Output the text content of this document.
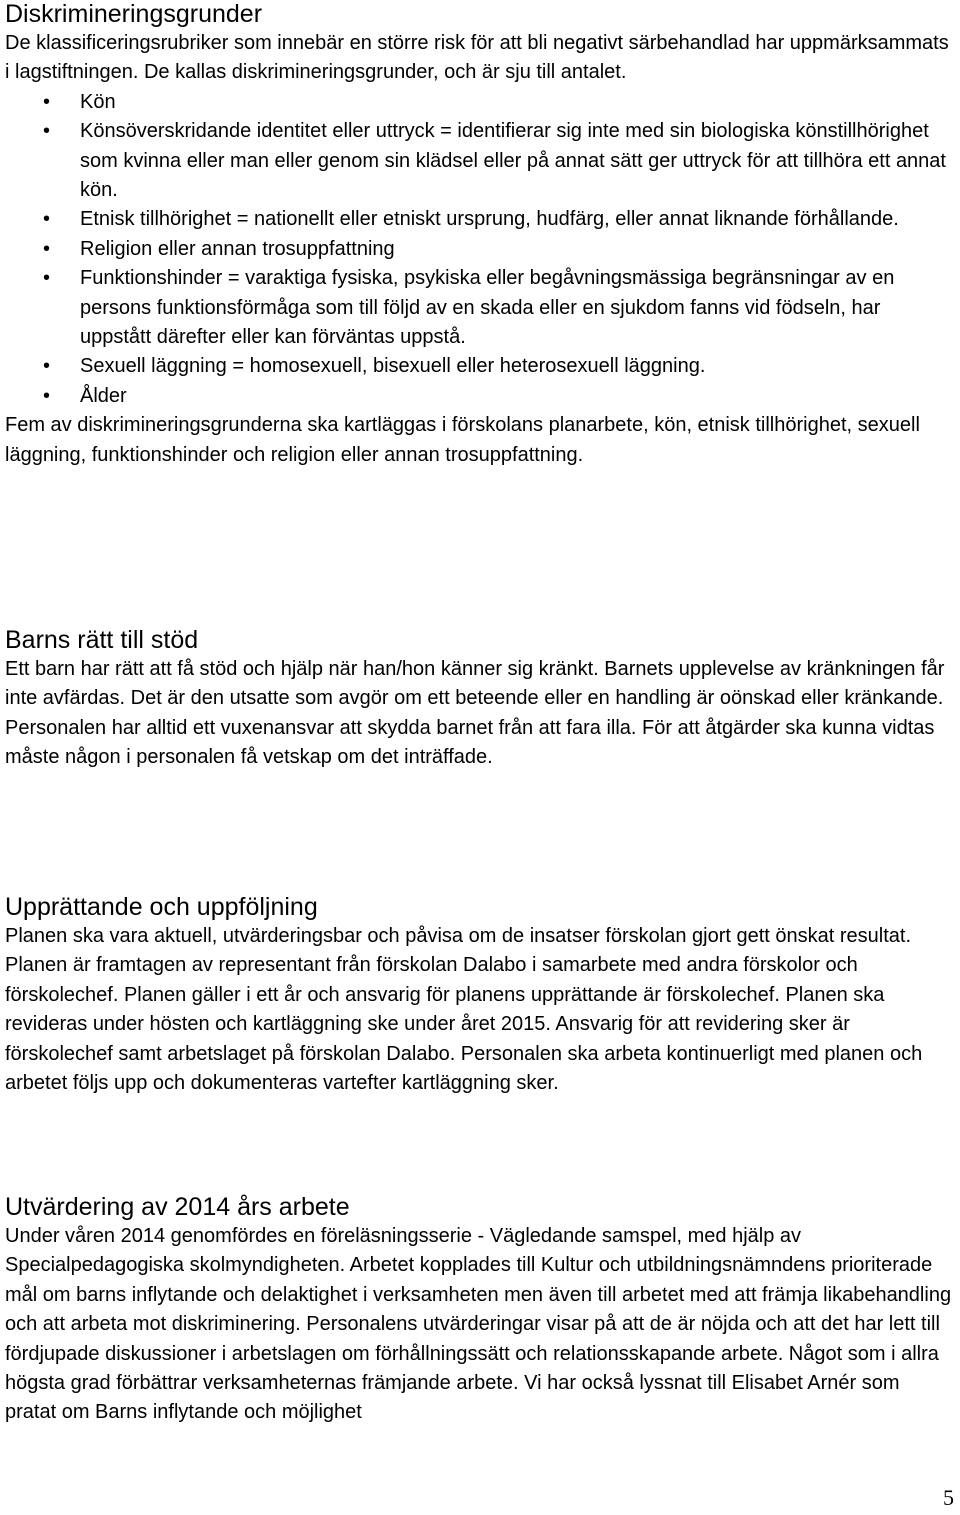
Diskrimineringsgrunder

De klassificeringsrubriker som innebär en större risk för att bli negativt särbehandlad har uppmärksammats i lagstiftningen. De kallas diskrimineringsgrunder, och är sju till antalet.

• Kön
• Könsöverskridande identitet eller uttryck = identifierar sig inte med sin biologiska könstillhörighet som kvinna eller man eller genom sin klädsel eller på annat sätt ger uttryck för att tillhöra ett annat kön.
• Etnisk tillhörighet = nationellt eller etniskt ursprung, hudfärg, eller annat liknande förhållande.
• Religion eller annan trosuppfattning
• Funktionshinder = varaktiga fysiska, psykiska eller begåvningsmässiga begränsningar av en persons funktionsförmåga som till följd av en skada eller en sjukdom fanns vid födseln, har uppstått därefter eller kan förväntas uppstå.
• Sexuell läggning = homosexuell, bisexuell eller heterosexuell läggning.
• Ålder

Fem av diskrimineringsgrunderna ska kartläggas i förskolans planarbete, kön, etnisk tillhörighet, sexuell läggning, funktionshinder och religion eller annan trosuppfattning.

Barns rätt till stöd

Ett barn har rätt att få stöd och hjälp när han/hon känner sig kränkt. Barnets upplevelse av kränkningen får inte avfärdas. Det är den utsatte som avgör om ett beteende eller en handling är oönskad eller kränkande. Personalen har alltid ett vuxenansvar att skydda barnet från att fara illa. För att åtgärder ska kunna vidtas måste någon i personalen få vetskap om det inträffade.

Upprättande och uppföljning

Planen ska vara aktuell, utvärderingsbar och påvisa om de insatser förskolan gjort gett önskat resultat. Planen är framtagen av representant från förskolan Dalabo i samarbete med andra förskolor och förskolechef. Planen gäller i ett år och ansvarig för planens upprättande är förskolechef. Planen ska revideras under hösten och kartläggning ske under året 2015. Ansvarig för att revidering sker är förskolechef samt arbetslaget på förskolan Dalabo. Personalen ska arbeta kontinuerligt med planen och arbetet följs upp och dokumenteras vartefter kartläggning sker.

Utvärdering av 2014 års arbete

Under våren 2014 genomfördes en föreläsningsserie - Vägledande samspel, med hjälp av Specialpedagogiska skolmyndigheten. Arbetet kopplades till Kultur och utbildningsnämndens prioriterade mål om barns inflytande och delaktighet i verksamheten men även till arbetet med att främja likabehandling och att arbeta mot diskriminering. Personalens utvärderingar visar på att de är nöjda och att det har lett till fördjupade diskussioner i arbetslagen om förhållningssätt och relationsskapande arbete. Något som i allra högsta grad förbättrar verksamheternas främjande arbete. Vi har också lyssnat till Elisabet Arnér som pratat om Barns inflytande och möjlighet

5
